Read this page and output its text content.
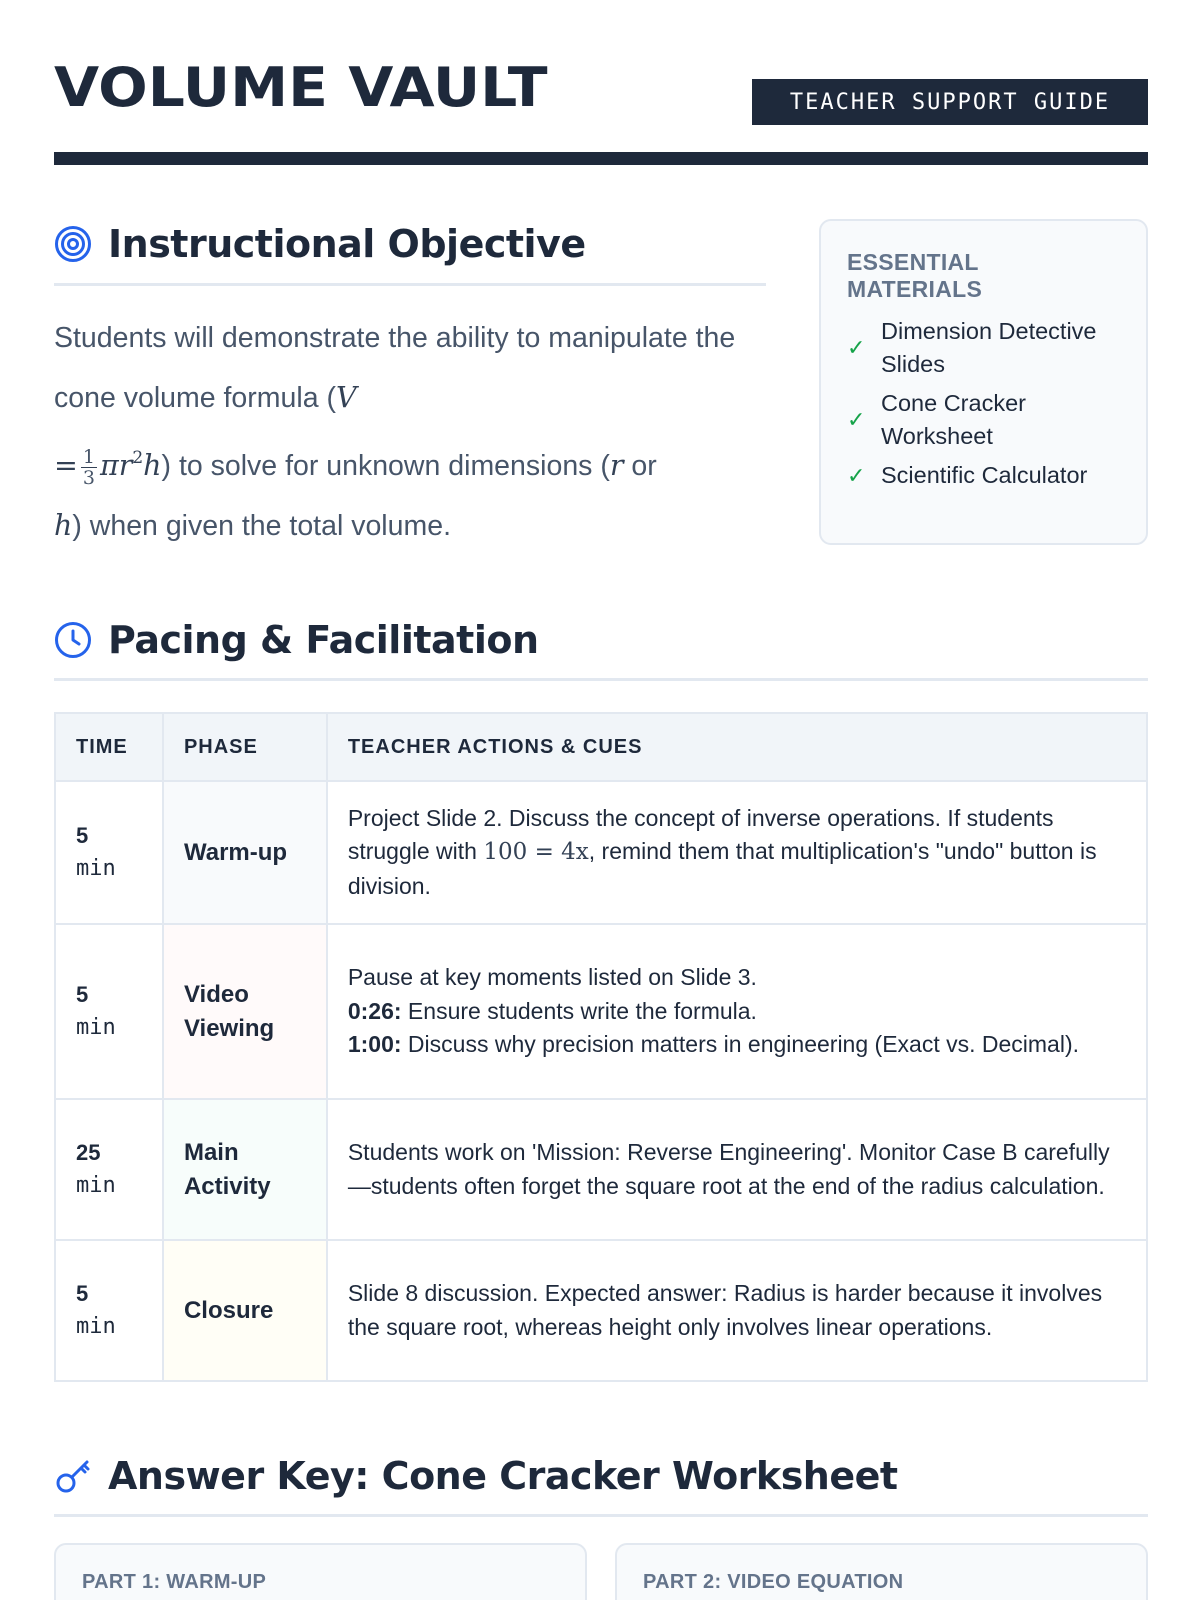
VOLUME VAULT	TEACHER SUPPORT GUIDE
Instructional Objective

Students will demonstrate the ability to manipulate the cone volume formula (V
= $\frac{1}{3} \pi r^2h$) to solve for unknown dimensions (r or
h) when given the total volume.

ESSENTIAL MATERIALS
✓
Dimension Detective Slides
✓
Cone Cracker Worksheet
✓ Scientific Calculator
Pacing & Facilitation
TIME	PHASE	TEACHER ACTIONS & CUES
5
min	Warm-up	Project Slide 2. Discuss the concept of inverse operations. If students struggle with 100 = 4x, remind them that multiplication's "undo" button is division.
5
min	Video Viewing	Pause at key moments listed on Slide 3.
0:26: Ensure students write the formula.
1:00: Discuss why precision matters in engineering (Exact vs. Decimal).
25
min	Main Activity	Students work on 'Mission: Reverse Engineering'. Monitor Case B carefully—students often forget the square root at the end of the radius calculation.
5
min	Closure	Slide 8 discussion. Expected answer: Radius is harder because it involves the square root, whereas height only involves linear operations.
Answer Key: Cone Cracker Worksheet
PART 1: WARM-UP	PART 2: VIDEO EQUATION
